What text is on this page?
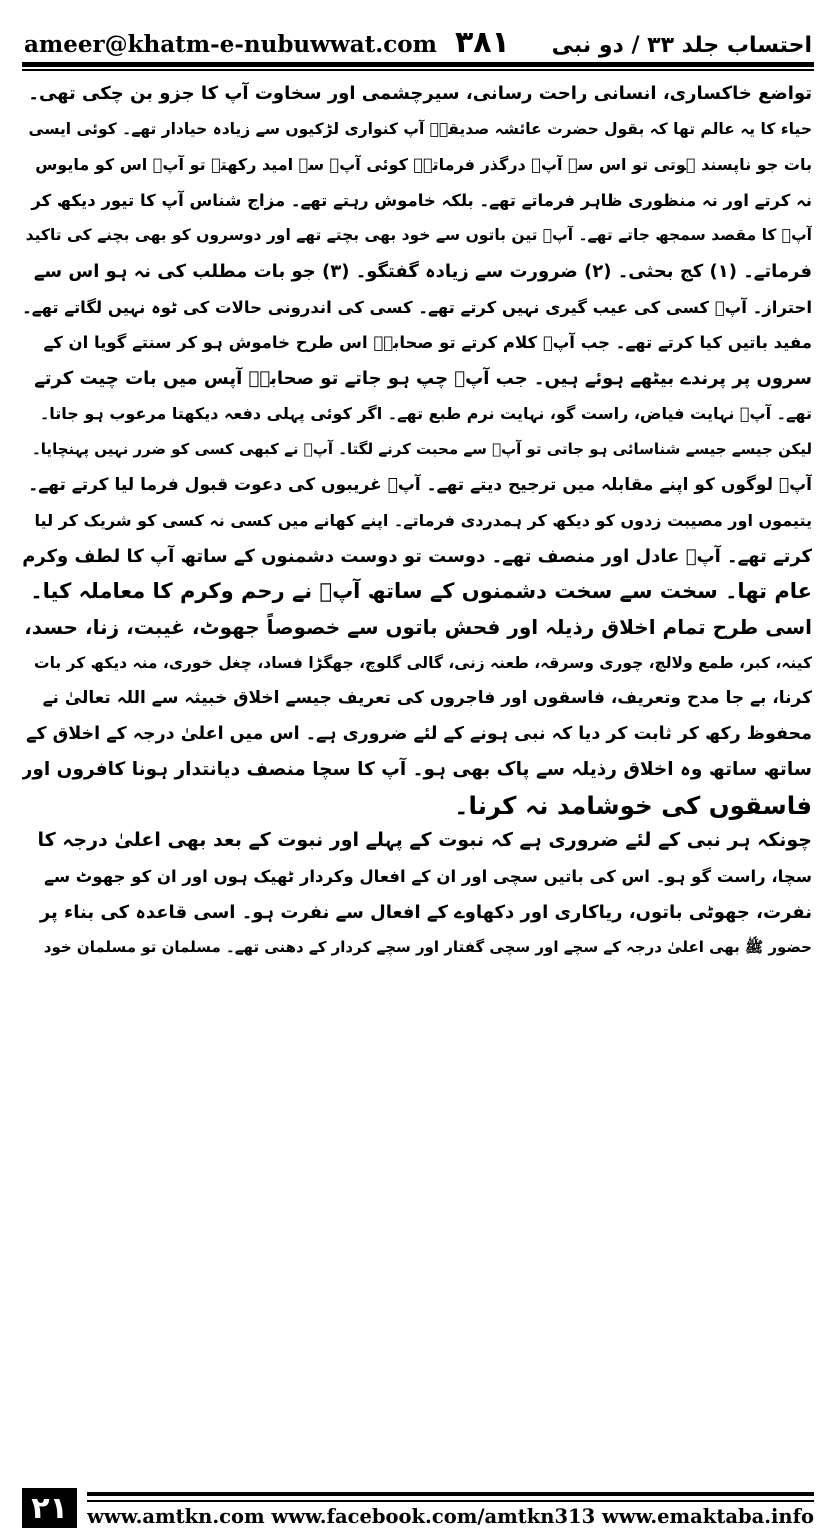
ameer@khatm-e-nubuwwat.com ۳۸۱ احتساب جلد ۳۳ / دو نبی
تواضع خاکساری، انسانی راحت رسانی، سیرچشمی اور سخاوت آپ کا جزو بن چکی تھی۔
حیاء کا یہ عالم تھا کہ بقول حضرت عائشہ صدیقہؓ آپ کنواری لڑکیوں سے زیادہ حیادار تھے۔ کوئی ایسی
بات جو ناپسند ہوتی تو اس سے آپؐ درگذر فرماتے۔ کوئی آپؐ سے امید رکھتے تو آپؐ اس کو مایوس
نہ کرتے اور نہ منظوری ظاہر فرماتے تھے۔ بلکہ خاموش رہتے تھے۔ مزاج شناس آپ کا تیور دیکھ کر
آپؐ کا مقصد سمجھ جاتے تھے۔ آپؐ تین باتوں سے خود بھی بچتے تھے اور دوسروں کو بھی بچنے کی تاکید
فرماتے۔ (۱) کج بحثی۔ (۲) ضرورت سے زیادہ گفتگو۔ (۳) جو بات مطلب کی نہ ہو اس سے
احتراز۔ آپؐ کسی کی عیب گیری نہیں کرتے تھے۔ کسی کی اندرونی حالات کی ٹوہ نہیں لگاتے تھے۔
مفید باتیں کیا کرتے تھے۔ جب آپؐ کلام کرتے تو صحابہؓ اس طرح خاموش ہو کر سنتے گویا ان کے
سروں پر پرندے بیٹھے ہوئے ہیں۔ جب آپؐ چپ ہو جاتے تو صحابہؓ آپس میں بات چیت کرتے
تھے۔ آپؐ نہایت فیاض، راست گو، نہایت نرم طبع تھے۔ اگر کوئی پہلی دفعہ دیکھتا مرعوب ہو جاتا۔
لیکن جیسے جیسے شناسائی ہو جاتی تو آپؐ سے محبت کرنے لگتا۔ آپؐ نے کبھی کسی کو ضرر نہیں پہنچایا۔
آپؐ لوگوں کو اپنے مقابلہ میں ترجیح دیتے تھے۔ آپؐ غریبوں کی دعوت قبول فرما لیا کرتے تھے۔
یتیموں اور مصیبت زدوں کو دیکھ کر ہمدردی فرماتے۔ اپنے کھانے میں کسی نہ کسی کو شریک کر لیا
کرتے تھے۔ آپؐ عادل اور منصف تھے۔ دوست تو دوست دشمنوں کے ساتھ آپ کا لطف وکرم
عام تھا۔ سخت سے سخت دشمنوں کے ساتھ آپؐ نے رحم وکرم کا معاملہ کیا۔
اسی طرح تمام اخلاق رذیلہ اور فحش باتوں سے خصوصاً جھوٹ، غیبت، زنا، حسد،
کینہ، کبر، طمع ولالچ، چوری وسرقہ، طعنہ زنی، گالی گلوچ، جھگڑا فساد، چغل خوری، منہ دیکھ کر بات
کرنا، بے جا مدح وتعریف، فاسقوں اور فاجروں کی تعریف جیسے اخلاق خبیثہ سے اللہ تعالیٰ نے
محفوظ رکھ کر ثابت کر دیا کہ نبی ہونے کے لئے ضروری ہے۔ اس میں اعلیٰ درجہ کے اخلاق کے
ساتھ ساتھ وہ اخلاق رذیلہ سے پاک بھی ہو۔ آپ کا سچا منصف دیانتدار ہونا کافروں اور
فاسقوں کی خوشامد نہ کرنا۔
چونکہ ہر نبی کے لئے ضروری ہے کہ نبوت کے پہلے اور نبوت کے بعد بھی اعلیٰ درجہ کا
سچا، راست گو ہو۔ اس کی باتیں سچی اور ان کے افعال وکردار ٹھیک ہوں اور ان کو جھوٹ سے
نفرت، جھوٹی باتوں، ریاکاری اور دکھاوے کے افعال سے نفرت ہو۔ اسی قاعدہ کی بناء پر
حضور ﷺ بھی اعلیٰ درجہ کے سچے اور سچی گفتار اور سچے کردار کے دھنی تھے۔ مسلمان تو مسلمان خود
۲۱ www.amtkn.com www.facebook.com/amtkn313 www.emaktaba.info
